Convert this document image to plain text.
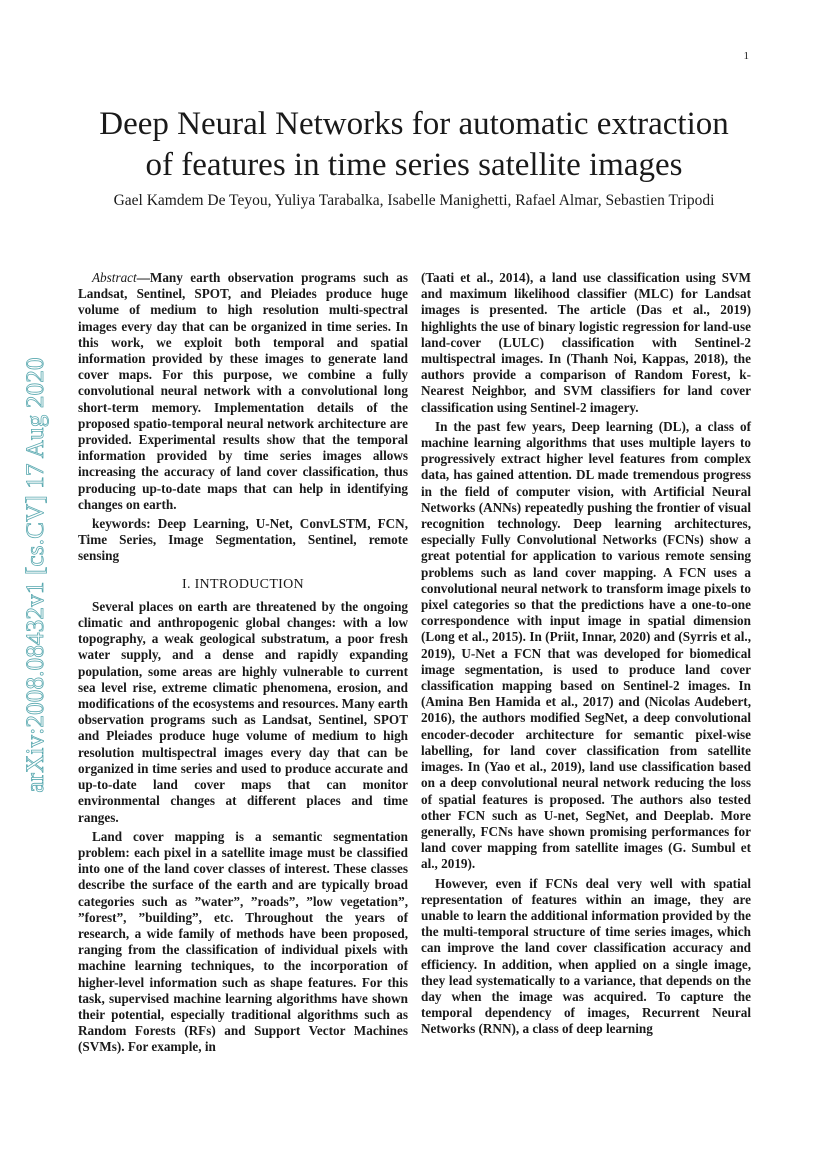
1
arXiv:2008.08432v1 [cs.CV] 17 Aug 2020
Deep Neural Networks for automatic extraction
of features in time series satellite images

Gael Kamdem De Teyou, Yuliya Tarabalka, Isabelle Manighetti, Rafael Almar, Sebastien Tripodi

Abstract—Many earth observation programs such as Landsat, Sentinel, SPOT, and Pleiades produce huge volume of medium to high resolution multi-spectral images every day that can be organized in time series. In this work, we exploit both temporal and spatial information provided by these images to generate land cover maps. For this purpose, we combine a fully convolutional neural network with a convolutional long short-term memory. Implementation details of the proposed spatio-temporal neural network architecture are provided. Experimental results show that the temporal information provided by time series images allows increasing the accuracy of land cover classification, thus producing up-to-date maps that can help in identifying changes on earth.

keywords: Deep Learning, U-Net, ConvLSTM, FCN, Time Series, Image Segmentation, Sentinel, remote sensing

I. INTRODUCTION

Several places on earth are threatened by the ongoing climatic and anthropogenic global changes: with a low topography, a weak geological substratum, a poor fresh water supply, and a dense and rapidly expanding population, some areas are highly vulnerable to current sea level rise, extreme climatic phenomena, erosion, and modifications of the ecosystems and resources. Many earth observation programs such as Landsat, Sentinel, SPOT and Pleiades produce huge volume of medium to high resolution multispectral images every day that can be organized in time series and used to produce accurate and up-to-date land cover maps that can monitor environmental changes at different places and time ranges.

Land cover mapping is a semantic segmentation problem: each pixel in a satellite image must be classified into one of the land cover classes of interest. These classes describe the surface of the earth and are typically broad categories such as ”water”, ”roads”, ”low vegetation”, ”forest”, ”building”, etc. Throughout the years of research, a wide family of methods have been proposed, ranging from the classification of individual pixels with machine learning techniques, to the incorporation of higher-level information such as shape features. For this task, supervised machine learning algorithms have shown their potential, especially traditional algorithms such as Random Forests (RFs) and Support Vector Machines (SVMs). For example, in

(Taati et al., 2014), a land use classification using SVM and maximum likelihood classifier (MLC) for Landsat images is presented. The article (Das et al., 2019) highlights the use of binary logistic regression for land-use land-cover (LULC) classification with Sentinel-2 multispectral images. In (Thanh Noi, Kappas, 2018), the authors provide a comparison of Random Forest, k-Nearest Neighbor, and SVM classifiers for land cover classification using Sentinel-2 imagery.

In the past few years, Deep learning (DL), a class of machine learning algorithms that uses multiple layers to progressively extract higher level features from complex data, has gained attention. DL made tremendous progress in the field of computer vision, with Artificial Neural Networks (ANNs) repeatedly pushing the frontier of visual recognition technology. Deep learning architectures, especially Fully Convolutional Networks (FCNs) show a great potential for application to various remote sensing problems such as land cover mapping. A FCN uses a convolutional neural network to transform image pixels to pixel categories so that the predictions have a one-to-one correspondence with input image in spatial dimension (Long et al., 2015). In (Priit, Innar, 2020) and (Syrris et al., 2019), U-Net a FCN that was developed for biomedical image segmentation, is used to produce land cover classification mapping based on Sentinel-2 images. In (Amina Ben Hamida et al., 2017) and (Nicolas Audebert, 2016), the authors modified SegNet, a deep convolutional encoder-decoder architecture for semantic pixel-wise labelling, for land cover classification from satellite images. In (Yao et al., 2019), land use classification based on a deep convolutional neural network reducing the loss of spatial features is proposed. The authors also tested other FCN such as U-net, SegNet, and Deeplab. More generally, FCNs have shown promising performances for land cover mapping from satellite images (G. Sumbul et al., 2019).

However, even if FCNs deal very well with spatial representation of features within an image, they are unable to learn the additional information provided by the the multi-temporal structure of time series images, which can improve the land cover classification accuracy and efficiency. In addition, when applied on a single image, they lead systematically to a variance, that depends on the day when the image was acquired. To capture the temporal dependency of images, Recurrent Neural Networks (RNN), a class of deep learning
